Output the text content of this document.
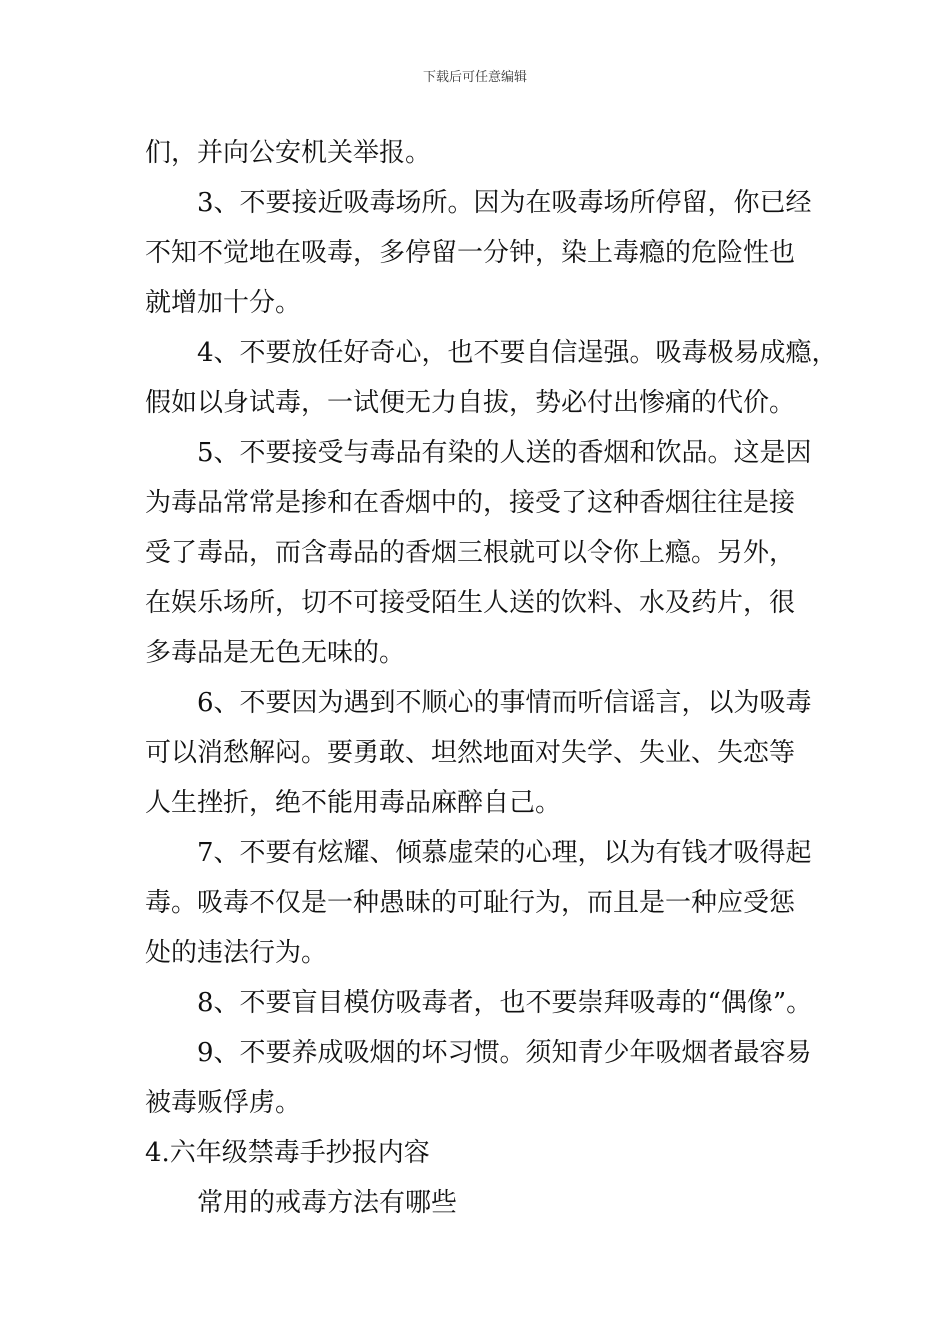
下载后可任意编辑
们，并向公安机关举报。
3、不要接近吸毒场所。因为在吸毒场所停留，你已经
不知不觉地在吸毒，多停留一分钟，染上毒瘾的危险性也
就增加十分。
4、不要放任好奇心，也不要自信逞强。吸毒极易成瘾，
假如以身试毒，一试便无力自拔，势必付出惨痛的代价。
5、不要接受与毒品有染的人送的香烟和饮品。这是因
为毒品常常是掺和在香烟中的，接受了这种香烟往往是接
受了毒品，而含毒品的香烟三根就可以令你上瘾。另外，
在娱乐场所，切不可接受陌生人送的饮料、水及药片，很
多毒品是无色无味的。
6、不要因为遇到不顺心的事情而听信谣言，以为吸毒
可以消愁解闷。要勇敢、坦然地面对失学、失业、失恋等
人生挫折，绝不能用毒品麻醉自己。
7、不要有炫耀、倾慕虚荣的心理，以为有钱才吸得起
毒。吸毒不仅是一种愚昧的可耻行为，而且是一种应受惩
处的违法行为。
8、不要盲目模仿吸毒者，也不要崇拜吸毒的“偶像”。
9、不要养成吸烟的坏习惯。须知青少年吸烟者最容易
被毒贩俘虏。
4.六年级禁毒手抄报内容
常用的戒毒方法有哪些
